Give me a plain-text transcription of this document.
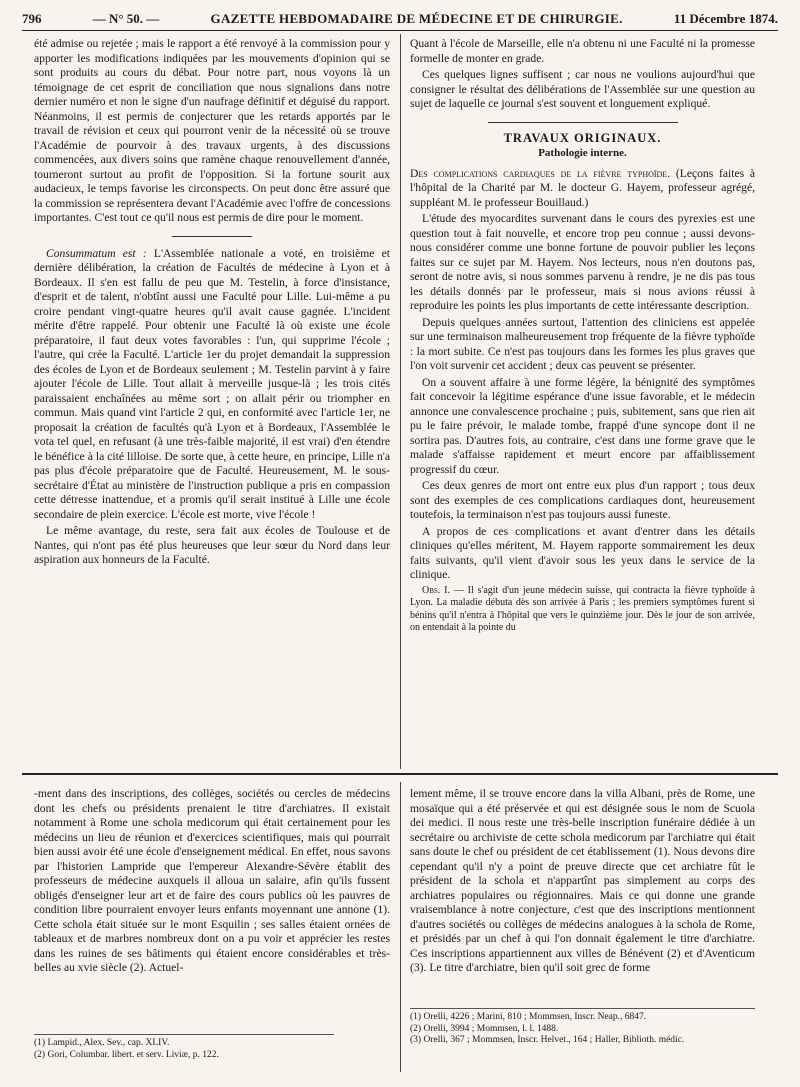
796	— N° 50. —	GAZETTE HEBDOMADAIRE DE MÉDECINE ET DE CHIRURGIE.	11 Décembre 1874.

été admise ou rejetée ; mais le rapport a été renvoyé à la commission pour y apporter les modifications indiquées par les mouvements d'opinion qui se sont produits au cours du débat. Pour notre part, nous voyons là un témoignage de cet esprit de conciliation que nous signalions dans notre dernier numéro et non le signe d'un naufrage définitif et déguisé du rapport. Néanmoins, il est permis de conjecturer que les retards apportés par le travail de révision et ceux qui pourront venir de la nécessité où se trouve l'Académie de pourvoir à des travaux urgents, à des discussions commencées, aux divers soins que ramène chaque renouvellement d'année, tourneront surtout au profit de l'opposition. Si la fortune sourit aux audacieux, le temps favorise les circonspects. On peut donc être assuré que la commission se représentera devant l'Académie avec l'offre de concessions importantes. C'est tout ce qu'il nous est permis de dire pour le moment.

Consummatum est : L'Assemblée nationale a voté, en troisième et dernière délibération, la création de Facultés de médecine à Lyon et à Bordeaux. Il s'en est fallu de peu que M. Testelin, à force d'insistance, d'esprit et de talent, n'obtînt aussi une Faculté pour Lille. Lui-même a pu croire pendant vingt-quatre heures qu'il avait cause gagnée. L'incident mérite d'être rappelé. Pour obtenir une Faculté là où existe une école préparatoire, il faut deux votes favorables : l'un, qui supprime l'école ; l'autre, qui crée la Faculté. L'article 1er du projet demandait la suppression des écoles de Lyon et de Bordeaux seulement ; M. Testelin parvint à y faire ajouter l'école de Lille. Tout allait à merveille jusque-là ; les trois cités paraissaient enchaînées au même sort ; on allait périr ou triompher en commun. Mais quand vint l'article 2 qui, en conformité avec l'article 1er, ne proposait la création de facultés qu'à Lyon et à Bordeaux, l'Assemblée le vota tel quel, en refusant (à une très-faible majorité, il est vrai) d'en étendre le bénéfice à la cité lilloise. De sorte que, à cette heure, en principe, Lille n'a pas plus d'école préparatoire que de Faculté. Heureusement, M. le sous-secrétaire d'État au ministère de l'instruction publique a pris en compassion cette détresse inattendue, et a promis qu'il serait institué à Lille une école secondaire de plein exercice. L'école est morte, vive l'école !

Le même avantage, du reste, sera fait aux écoles de Toulouse et de Nantes, qui n'ont pas été plus heureuses que leur sœur du Nord dans leur aspiration aux honneurs de la Faculté.

Quant à l'école de Marseille, elle n'a obtenu ni une Faculté ni la promesse formelle de monter en grade.

Ces quelques lignes suffisent ; car nous ne voulions aujourd'hui que consigner le résultat des délibérations de l'Assemblée sur une question au sujet de laquelle ce journal s'est souvent et longuement expliqué.

TRAVAUX ORIGINAUX.
Pathologie interne.

Des complications cardiaques de la fièvre typhoïde. (Leçons faites à l'hôpital de la Charité par M. le docteur G. Hayem, professeur agrégé, suppléant M. le professeur Bouillaud.)

L'étude des myocardites survenant dans le cours des pyrexies est une question tout à fait nouvelle, et encore trop peu connue ; aussi devons-nous considérer comme une bonne fortune de pouvoir publier les leçons faites sur ce sujet par M. Hayem. Nos lecteurs, nous n'en doutons pas, seront de notre avis, si nous sommes parvenu à rendre, je ne dis pas tous les détails donnés par le professeur, mais si nous avions réussi à reproduire les points les plus importants de cette intéressante description.

Depuis quelques années surtout, l'attention des cliniciens est appelée sur une terminaison malheureusement trop fréquente de la fièvre typhoïde : la mort subite. Ce n'est pas toujours dans les formes les plus graves que l'on voit survenir cet accident ; deux cas peuvent se présenter.

On a souvent affaire à une forme légère, la bénignité des symptômes fait concevoir la légitime espérance d'une issue favorable, et le médecin annonce une convalescence prochaine ; puis, subitement, sans que rien ait pu le faire prévoir, le malade tombe, frappé d'une syncope dont il ne sortira pas. D'autres fois, au contraire, c'est dans une forme grave que le malade s'affaisse rapidement et meurt encore par affaiblissement progressif du cœur.

Ces deux genres de mort ont entre eux plus d'un rapport ; tous deux sont des exemples de ces complications cardiaques dont, heureusement toutefois, la terminaison n'est pas toujours aussi funeste.

A propos de ces complications et avant d'entrer dans les détails cliniques qu'elles méritent, M. Hayem rapporte sommairement les deux faits suivants, qu'il vient d'avoir sous les yeux dans le service de la clinique.

Obs. I. — Il s'agit d'un jeune médecin suisse, qui contracta la fièvre typhoïde à Lyon. La maladie débuta dès son arrivée à Paris ; les premiers symptômes furent si bénins qu'il n'entra à l'hôpital que vers le quinzième jour. Dès le jour de son arrivée, on entendait à la pointe du

-ment dans des inscriptions, des collèges, sociétés ou cercles de médecins dont les chefs ou présidents prenaient le titre d'archiatres. Il existait notamment à Rome une schola medicorum qui était certainement pour les médecins un lieu de réunion et d'exercices scientifiques, mais qui pourrait bien aussi avoir été une école d'enseignement médical. En effet, nous savons par l'historien Lampride que l'empereur Alexandre-Sévère établit des professeurs de médecine auxquels il alloua un salaire, afin qu'ils fussent obligés d'enseigner leur art et de faire des cours publics où les pauvres de condition libre pourraient envoyer leurs enfants moyennant une annone (1). Cette schola était située sur le mont Esquilin ; ses salles étaient ornées de tableaux et de marbres nombreux dont on a pu voir et apprécier les restes dans les ruines de ses bâtiments qui étaient encore considérables et très-belles au xvie siècle (2). Actuel-

lement même, il se trouve encore dans la villa Albani, près de Rome, une mosaïque qui a été préservée et qui est désignée sous le nom de Scuola dei medici. Il nous reste une très-belle inscription funéraire dédiée à un secrétaire ou archiviste de cette schola medicorum par l'archiatre qui était sans doute le chef ou président de cet établissement (1). Nous devons dire cependant qu'il n'y a point de preuve directe que cet archiatre fût le président de la schola et n'appartînt pas simplement au corps des archiatres populaires ou régionnaires. Mais ce qui donne une grande vraisemblance à notre conjecture, c'est que des inscriptions mentionnent d'autres sociétés ou collèges de médecins analogues à la schola de Rome, et présidés par un chef à qui l'on donnait également le titre d'archiatre. Ces inscriptions appartiennent aux villes de Bénévent (2) et d'Aventicum (3). Le titre d'archiatre, bien qu'il soit grec de forme

(1) Lampid., Alex. Sev., cap. XLIV.
(2) Gori, Columbar. libert. et serv. Liviæ, p. 122.
(1) Orelli, 4226 ; Marini, 810 ; Mommsen, Inscr. Neap., 6847.
(2) Orelli, 3994 ; Mommsen, l. l. 1488.
(3) Orelli, 367 ; Mommsen, Inscr. Helvet., 164 ; Haller, Biblioth. médic.
